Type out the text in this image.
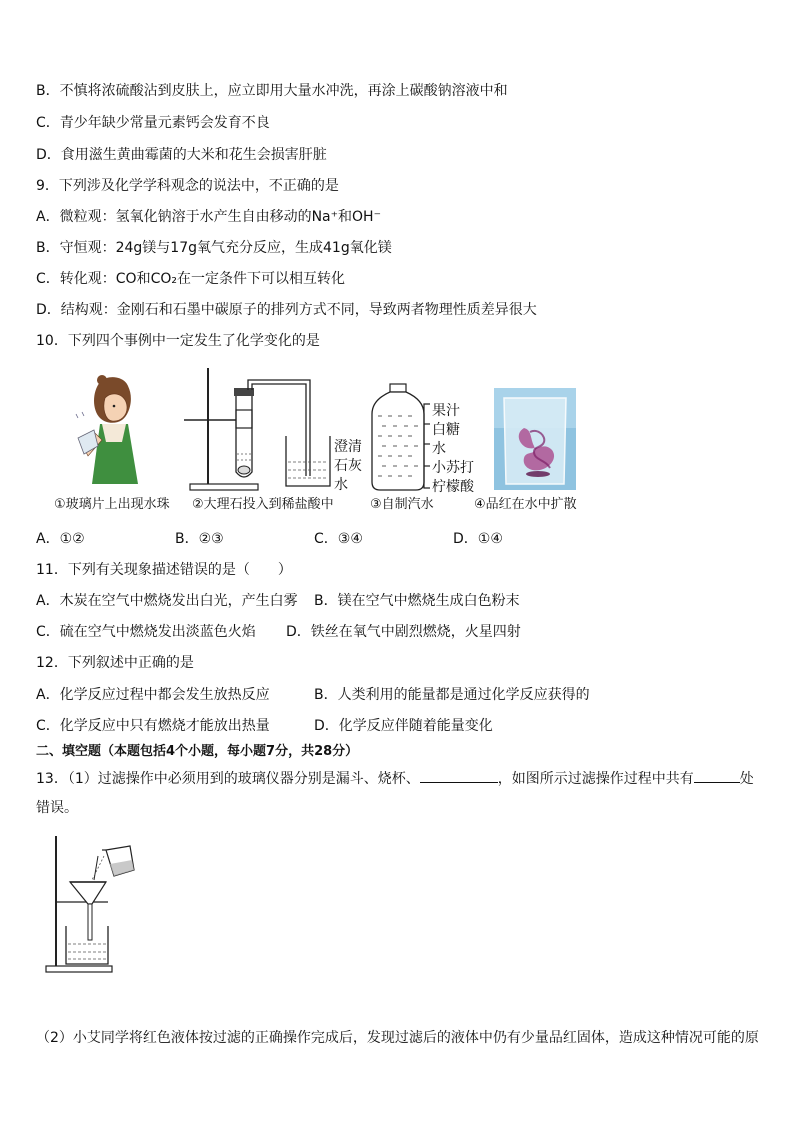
B．不慎将浓硫酸沾到皮肤上，应立即用大量水冲洗，再涂上碳酸钠溶液中和
C．青少年缺少常量元素钙会发育不良
D．食用滋生黄曲霉菌的大米和花生会损害肝脏
9．下列涉及化学学科观念的说法中，不正确的是
A．微粒观：氢氧化钠溶于水产生自由移动的Na⁺和OH⁻
B．守恒观：24g镁与17g氧气充分反应，生成41g氧化镁
C．转化观：CO和CO₂在一定条件下可以相互转化
D．结构观：金刚石和石墨中碳原子的排列方式不同，导致两者物理性质差异很大
10．下列四个事例中一定发生了化学变化的是
澄清
石灰
水
果汁
白糖
水
小苏打
柠檬酸
①玻璃片上出现水珠 ②大理石投入到稀盐酸中	③自制汽水	④品红在水中扩散
A．①②	B．②③	C．③④	D．①④
11．下列有关现象描述错误的是（　　）
A．木炭在空气中燃烧发出白光，产生白雾 B．镁在空气中燃烧生成白色粉末
C．硫在空气中燃烧发出淡蓝色火焰 D．铁丝在氧气中剧烈燃烧，火星四射
12．下列叙述中正确的是
A．化学反应过程中都会发生放热反应	B．人类利用的能量都是通过化学反应获得的
C．化学反应中只有燃烧才能放出热量	D．化学反应伴随着能量变化
二、填空题（本题包括4个小题，每小题7分，共28分）
13．（1）过滤操作中必须用到的玻璃仪器分别是漏斗、烧杯、	，如图所示过滤操作过程中共有	处
错误。
（2）小艾同学将红色液体按过滤的正确操作完成后，发现过滤后的液体中仍有少量品红固体，造成这种情况可能的原
